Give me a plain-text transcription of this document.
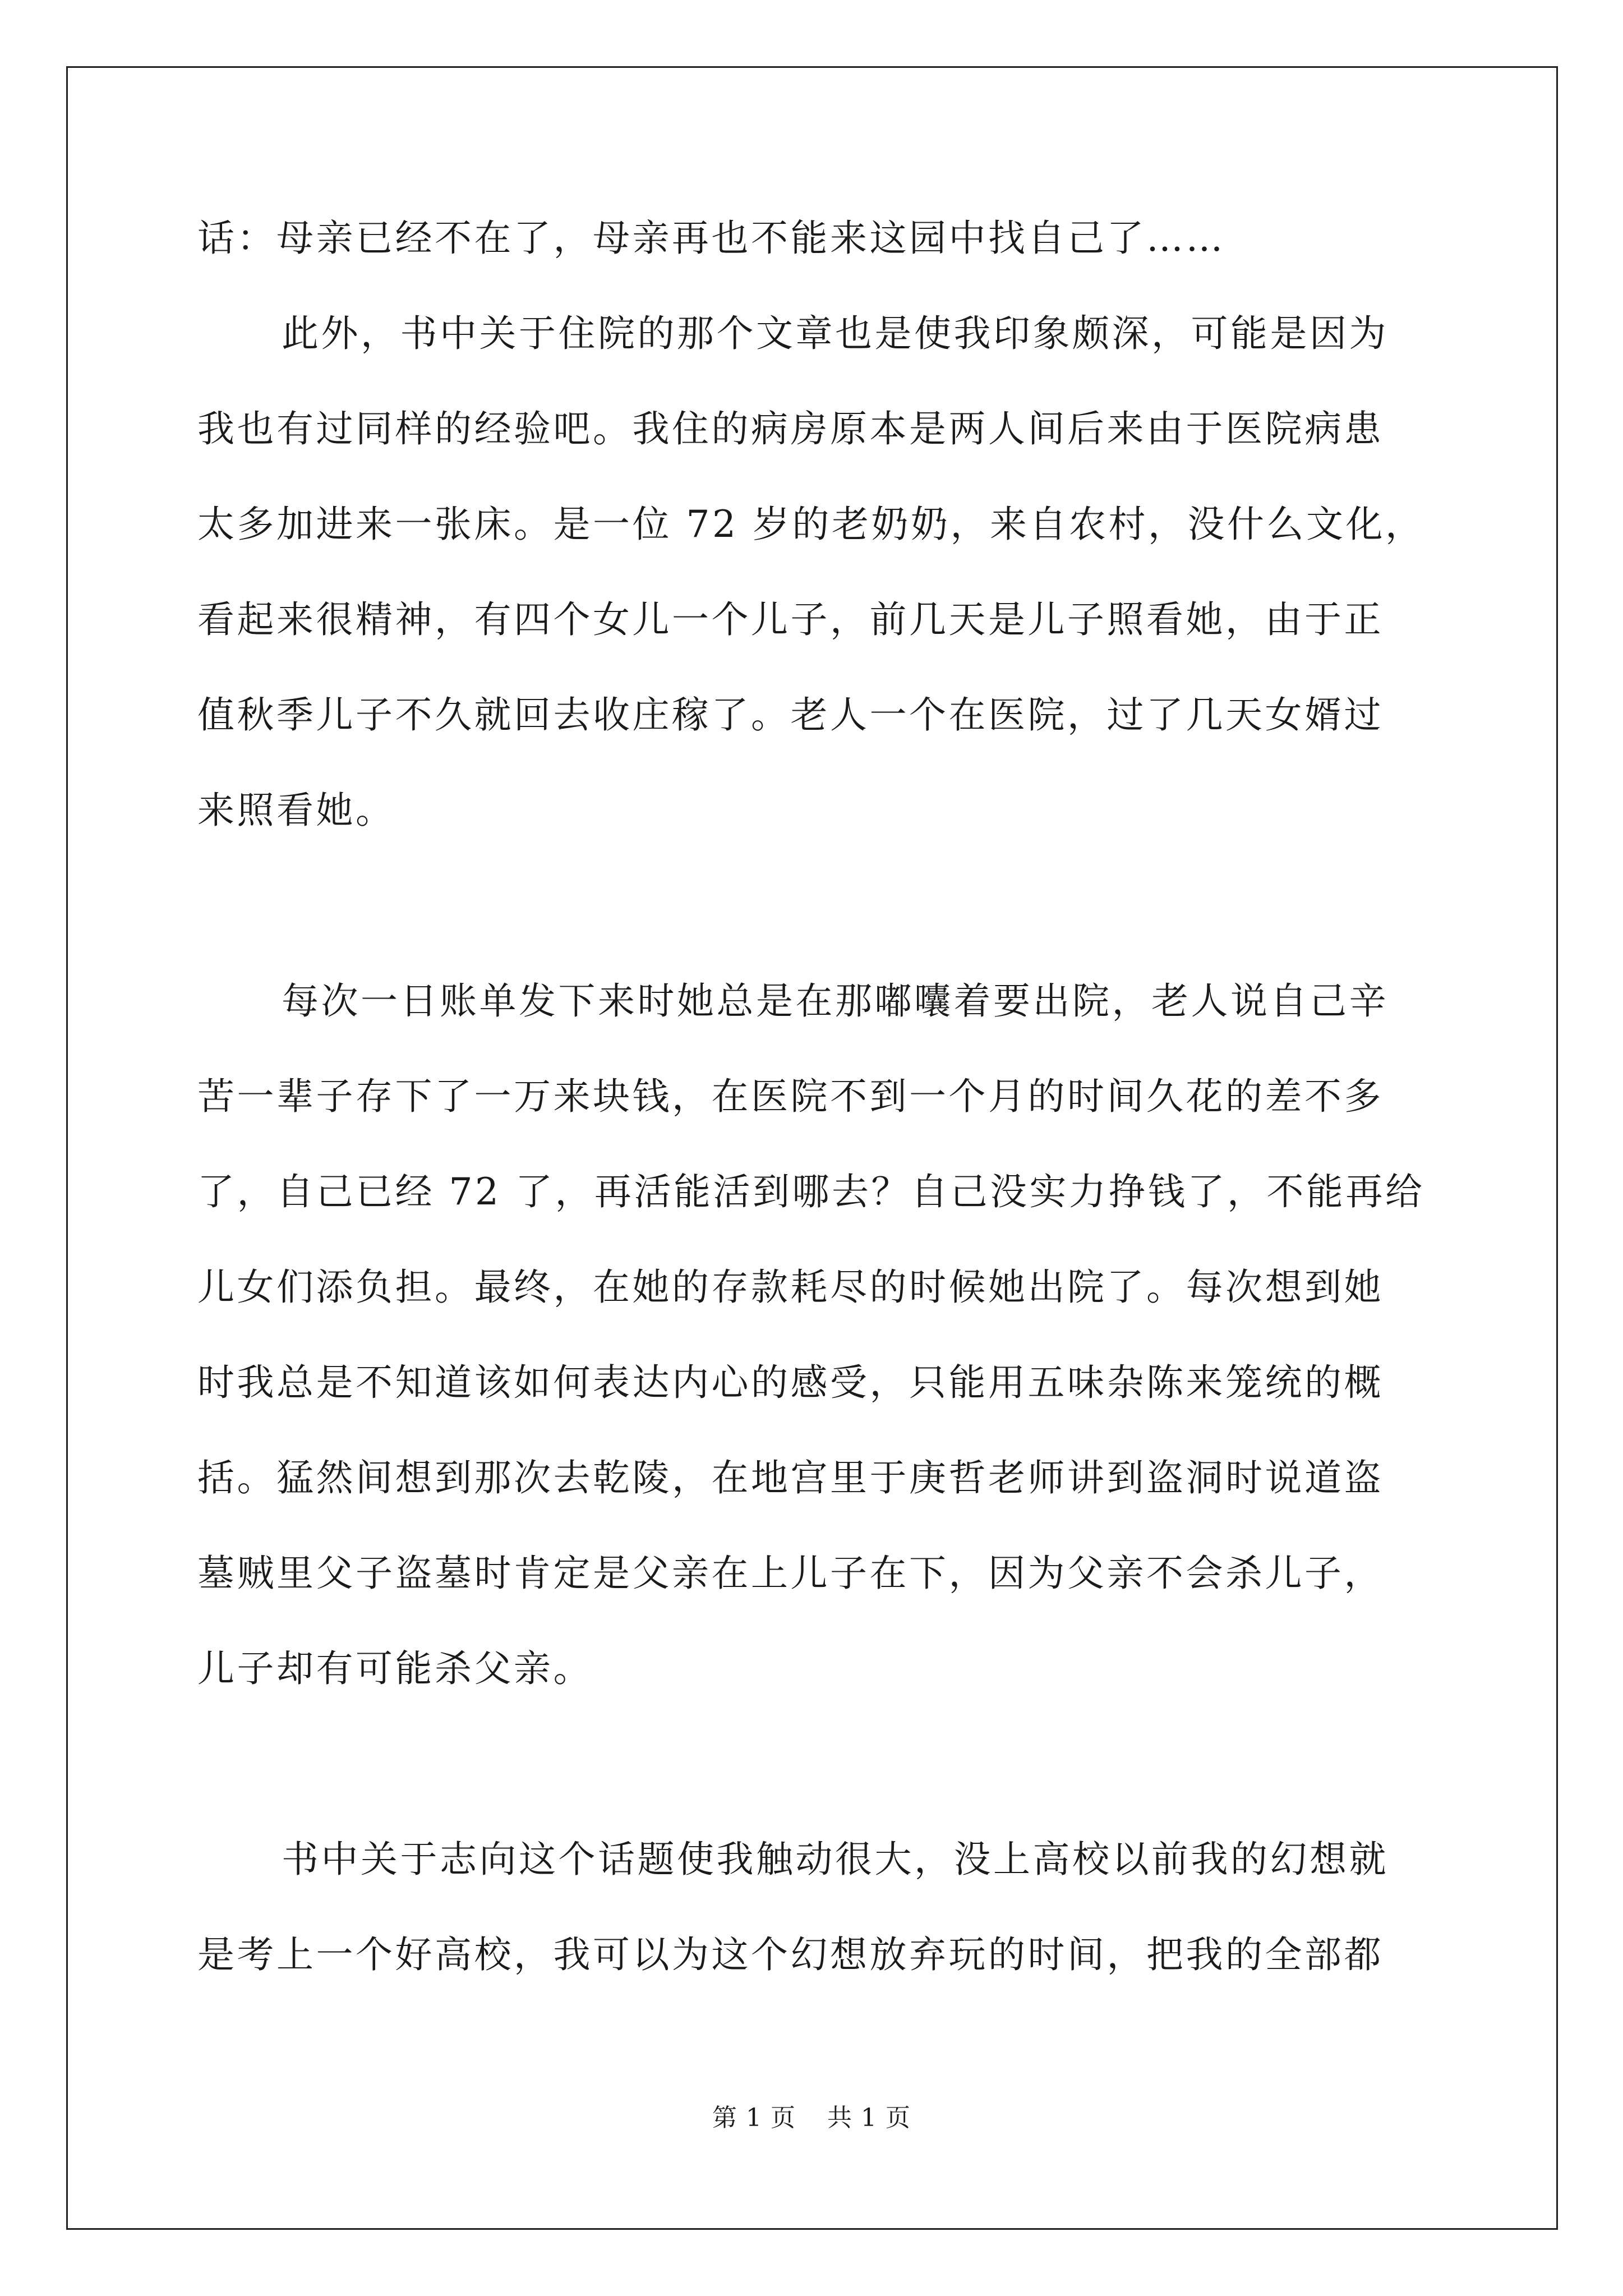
话：母亲已经不在了，母亲再也不能来这园中找自己了……
此外，书中关于住院的那个文章也是使我印象颇深，可能是因为
我也有过同样的经验吧。我住的病房原本是两人间后来由于医院病患
太多加进来一张床。是一位 72 岁的老奶奶，来自农村，没什么文化，
看起来很精神，有四个女儿一个儿子，前几天是儿子照看她，由于正
值秋季儿子不久就回去收庄稼了。老人一个在医院，过了几天女婿过
来照看她。
每次一日账单发下来时她总是在那嘟囔着要出院，老人说自己辛
苦一辈子存下了一万来块钱，在医院不到一个月的时间久花的差不多
了，自己已经 72 了，再活能活到哪去？自己没实力挣钱了，不能再给
儿女们添负担。最终，在她的存款耗尽的时候她出院了。每次想到她
时我总是不知道该如何表达内心的感受，只能用五味杂陈来笼统的概
括。猛然间想到那次去乾陵，在地宫里于庚哲老师讲到盗洞时说道盗
墓贼里父子盗墓时肯定是父亲在上儿子在下，因为父亲不会杀儿子，
儿子却有可能杀父亲。
书中关于志向这个话题使我触动很大，没上高校以前我的幻想就
是考上一个好高校，我可以为这个幻想放弃玩的时间，把我的全部都
第 1 页 共 1 页
